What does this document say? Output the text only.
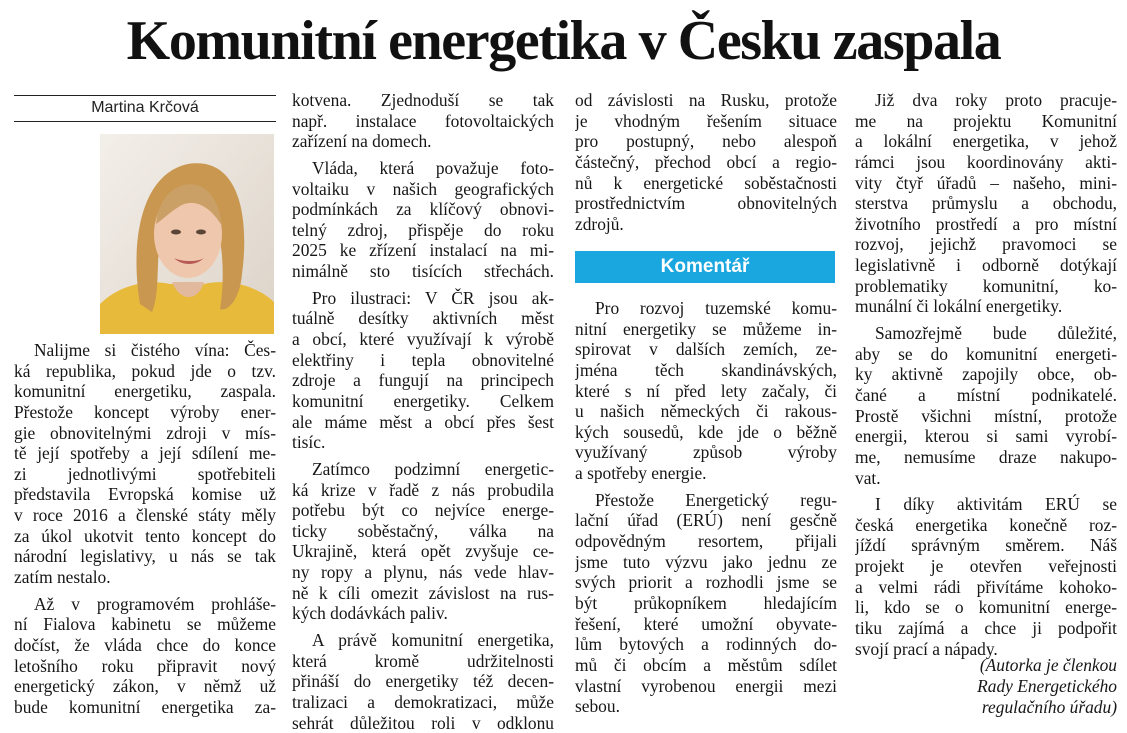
Komunitní energetika v Česku zaspala
Martina Krčová
Nalijme si čistého vína: Čes-
ká republika, pokud jde o tzv.
komunitní energetiku, zaspala.
Přestože koncept výroby ener-
gie obnovitelnými zdroji v mís-
tě její spotřeby a její sdílení me-
zi jednotlivými spotřebiteli
představila Evropská komise už
v roce 2016 a členské státy měly
za úkol ukotvit tento koncept do
národní legislativy, u nás se tak
zatím nestalo.
Až v programovém prohláše-
ní Fialova kabinetu se můžeme
dočíst, že vláda chce do konce
letošního roku připravit nový
energetický zákon, v němž už
bude komunitní energetika za-
kotvena. Zjednoduší se tak
např. instalace fotovoltaických
zařízení na domech.
Vláda, která považuje foto-
voltaiku v našich geografických
podmínkách za klíčový obnovi-
telný zdroj, přispěje do roku
2025 ke zřízení instalací na mi-
nimálně sto tisících střechách.
Pro ilustraci: V ČR jsou ak-
tuálně desítky aktivních měst
a obcí, které využívají k výrobě
elektřiny i tepla obnovitelné
zdroje a fungují na principech
komunitní energetiky. Celkem
ale máme měst a obcí přes šest
tisíc.
Zatímco podzimní energetic-
ká krize v řadě z nás probudila
potřebu být co nejvíce energe-
ticky soběstačný, válka na
Ukrajině, která opět zvyšuje ce-
ny ropy a plynu, nás vede hlav-
ně k cíli omezit závislost na rus-
kých dodávkách paliv.
A právě komunitní energetika,
která kromě udržitelnosti
přináší do energetiky též decen-
tralizaci a demokratizaci, může
sehrát důležitou roli v odklonu
od závislosti na Rusku, protože
je vhodným řešením situace
pro postupný, nebo alespoň
částečný, přechod obcí a regio-
nů k energetické soběstačnosti
prostřednictvím obnovitelných
zdrojů.
Komentář
Pro rozvoj tuzemské komu-
nitní energetiky se můžeme in-
spirovat v dalších zemích, ze-
jména těch skandinávských,
které s ní před lety začaly, či
u našich německých či rakous-
kých sousedů, kde jde o běžně
využívaný způsob výroby
a spotřeby energie.
Přestože Energetický regu-
lační úřad (ERÚ) není gesčně
odpovědným resortem, přijali
jsme tuto výzvu jako jednu ze
svých priorit a rozhodli jsme se
být průkopníkem hledajícím
řešení, které umožní obyvate-
lům bytových a rodinných do-
mů či obcím a městům sdílet
vlastní vyrobenou energii mezi
sebou.
Již dva roky proto pracuje-
me na projektu Komunitní
a lokální energetika, v jehož
rámci jsou koordinovány akti-
vity čtyř úřadů – našeho, mini-
sterstva průmyslu a obchodu,
životního prostředí a pro místní
rozvoj, jejichž pravomoci se
legislativně i odborně dotýkají
problematiky komunitní, ko-
munální či lokální energetiky.
Samozřejmě bude důležité,
aby se do komunitní energeti-
ky aktivně zapojily obce, ob-
čané a místní podnikatelé.
Prostě všichni místní, protože
energii, kterou si sami vyrobí-
me, nemusíme draze nakupo-
vat.
I díky aktivitám ERÚ se
česká energetika konečně roz-
jíždí správným směrem. Náš
projekt je otevřen veřejnosti
a velmi rádi přivítáme kohoko-
li, kdo se o komunitní energe-
tiku zajímá a chce ji podpořit
svojí prací a nápady.
(Autorka je členkou
Rady Energetického
regulačního úřadu)
